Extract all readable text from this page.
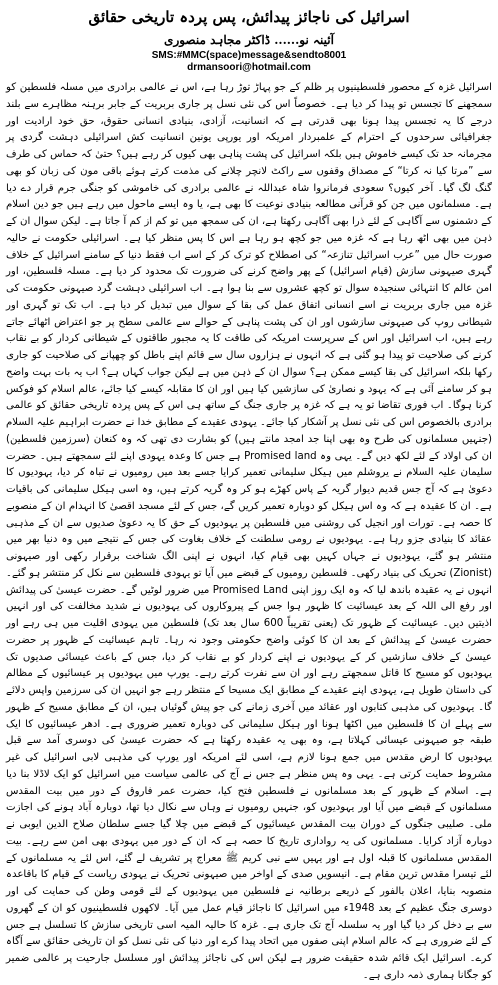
اسرائیل کی ناجائز پیدائش، پس پردہ تاریخی حقائق
آئینہ نو...... ڈاکٹر مجاہد منصوری
SMS:#MMC(space)message&sendto8001
drmansoori@hotmail.com

اسرائیل غزہ کے محصور فلسطینیوں پر ظلم کے جو پہاڑ توڑ رہا ہے، اس نے عالمی برادری میں مسلہ فلسطین کو سمجھنے کا تجسس تو پیدا کر دیا ہے۔ خصوصاً اس کی نئی نسل پر جاری بربریت کے جابر برہنہ مظاہرے سے بلند درجے کا یہ تجسس پیدا ہونا بھی قدرتی ہے کہ انسانیت، آزادی، بنیادی انسانی حقوق، حق خود ارادیت اور جغرافیائی سرحدوں کے احترام کے علمبردار امریکہ اور یورپی یونین انسانیت کش اسرائیلی دہشت گردی پر مجرمانہ حد تک کیسے خاموش ہیں بلکہ اسرائیل کی پشت پناہی بھی کیوں کر رہے ہیں؟ حتیٰ کہ حماس کی طرف سے ”مرتا کیا نہ کرتا“ کے مصداق وقفوں سے راکٹ لانچر چلانے کی مذمت کرتے ہوئے باقی مون کی زبان کو بھی گنگ لگ گیا۔ آخر کیوں؟ سعودی فرمانروا شاہ عبداللہ نے عالمی برادری کی خاموشی کو جنگی جرم قرار دے دیا ہے۔ مسلمانوں میں جن کو قرآنی مطالعہ بنیادی نوعیت کا بھی ہے، یا وہ ایسے ماحول میں رہے ہیں جو دین اسلام کے دشمنوں سے آگاہی کے لئے ذرا بھی آگاہی رکھتا ہے، ان کی سمجھ میں تو کم از کم آ جاتا ہے۔ لیکن سوال ان کے ذہن میں بھی اٹھ رہا ہے کہ غزہ میں جو کچھ ہو رہا ہے اس کا پس منظر کیا ہے۔ اسرائیلی حکومت نے حالیہ صورت حال میں ”عرب اسرائیل تنازعہ“ کی اصطلاح کو ترک کر کے اسے اب فقط دنیا کے سامنے اسرائیل کے خلاف گہری صیہونی سازش (قیام اسرائیل) کے پھر واضح کرنے کی ضرورت تک محدود کر دیا ہے۔ مسلہ فلسطین، اور امن عالم کا انتہائی سنجیدہ سوال تو کچھ عشروں سے بنا ہوا ہے۔ اب اسرائیلی دہشت گرد صیہونی حکومت کی غزہ میں جاری بربریت نے اسے انسانی اتفاق عمل کی بقا کے سوال میں تبدیل کر دیا ہے۔ اب تک تو گہری اور شیطانی روپ کی صیہونی سازشوں اور ان کی پشت پناہی کے حوالے سے عالمی سطح پر جو اعتراض اٹھائے جاتے رہے ہیں، اب اسرائیل اور اس کے سرپرست امریکہ کی طاقت کا یہ مجبور طاقتوں کے شیطانی کردار کو بے نقاب کرنے کی صلاحیت تو پیدا ہو گئی ہے کہ انہوں نے ہزاروں سال سے قائم اپنے باطل کو چھپانے کی صلاحیت کو جاری رکھا بلکہ اسرائیل کی بقا کیسے ممکن ہے؟ سوال ان کے ذہن میں ہے لیکن جواب کہاں ہے؟ اب یہ بات بہت واضح ہو کر سامنے آئی ہے کہ یہود و نصاریٰ کی سازشیں کیا ہیں اور ان کا مقابلہ کیسے کیا جائے، عالم اسلام کو فوکس کرنا ہوگا۔ اب فوری تقاضا تو یہ ہے کہ غزہ پر جاری جنگ کے ساتھ ہی اس کے پس پردہ تاریخی حقائق کو عالمی برادری بالخصوص اس کی نئی نسل پر آشکار کیا جائے۔ یہودی عقیدے کے مطابق خدا نے حضرت ابراہیم علیہ السلام (جنہیں مسلمانوں کی طرح وہ بھی اپنا جد امجد مانتے ہیں) کو بشارت دی تھی کہ وہ کنعان (سرزمین فلسطین) ان کی اولاد کے لئے لکھ دیں گے۔ یہی وہ Promised land ہے جس کا وعدہ یہودی اپنے لئے سمجھتے ہیں۔ حضرت سلیمان علیہ السلام نے یروشلم میں ہیکل سلیمانی تعمیر کرایا جسے بعد میں رومیوں نے تباہ کر دیا، یہودیوں کا دعویٰ ہے کہ آج جس قدیم دیوار گریہ کے پاس کھڑے ہو کر وہ گریہ کرتے ہیں، وہ اسی ہیکل سلیمانی کی باقیات ہے۔ ان کا عقیدہ ہے کہ وہ اس ہیکل کو دوبارہ تعمیر کریں گے، جس کے لئے مسجد اقصیٰ کا انہدام ان کے منصوبے کا حصہ ہے۔ تورات اور انجیل کی روشنی میں فلسطین پر یہودیوں کے حق کا یہ دعویٰ صدیوں سے ان کے مذہبی عقائد کا بنیادی جزو رہا ہے۔ یہودیوں نے رومی سلطنت کے خلاف بغاوت کی جس کے نتیجے میں وہ دنیا بھر میں منتشر ہو گئے، یہودیوں نے جہاں کہیں بھی قیام کیا، انہوں نے اپنی الگ شناخت برقرار رکھی اور صیہونی (Zionist) تحریک کی بنیاد رکھی۔ فلسطین رومیوں کے قبضے میں آیا تو یہودی فلسطین سے نکل کر منتشر ہو گئے۔ انہوں نے یہ عقیدہ باندھ لیا کہ وہ ایک روز اپنی Promised Land میں ضرور لوٹیں گے۔ حضرت عیسیٰ کی پیدائش اور رفع الی اللہ کے بعد عیسائیت کا ظہور ہوا جس کے پیروکاروں کی یہودیوں نے شدید مخالفت کی اور انہیں اذیتیں دیں۔ عیسائیت کے ظہور تک (یعنی تقریباً 600 سال بعد تک) فلسطین میں یہودی اقلیت میں ہی رہے اور حضرت عیسیٰ کے پیدائش کے بعد ان کا کوئی واضح حکومتی وجود نہ رہا۔ تاہم عیسائیت کے ظہور پر حضرت عیسیٰ کے خلاف سازشیں کر کے یہودیوں نے اپنے کردار کو بے نقاب کر دیا، جس کے باعث عیسائی صدیوں تک یہودیوں کو مسیح کا قاتل سمجھتے رہے اور ان سے نفرت کرتے رہے۔ یورپ میں یہودیوں پر عیسائیوں کے مظالم کی داستان طویل ہے، یہودی اپنے عقیدے کے مطابق ایک مسیحا کے منتظر رہے جو انہیں ان کی سرزمین واپس دلائے گا۔ یہودیوں کی مذہبی کتابوں اور عقائد میں آخری زمانے کی جو پیش گوئیاں ہیں، ان کے مطابق مسیح کے ظہور سے پہلے ان کا فلسطین میں اکٹھا ہونا اور ہیکل سلیمانی کی دوبارہ تعمیر ضروری ہے۔ ادھر عیسائیوں کا ایک طبقہ جو صیہونی عیسائی کہلاتا ہے، وہ بھی یہ عقیدہ رکھتا ہے کہ حضرت عیسیٰ کی دوسری آمد سے قبل یہودیوں کا ارض مقدس میں جمع ہونا لازم ہے، اسی لئے امریکہ اور یورپ کی مذہبی لابی اسرائیل کی غیر مشروط حمایت کرتی ہے۔ یہی وہ پس منظر ہے جس نے آج کی عالمی سیاست میں اسرائیل کو ایک لاڈلا بنا دیا ہے۔ اسلام کے ظہور کے بعد مسلمانوں نے فلسطین فتح کیا، حضرت عمر فاروق کے دور میں بیت المقدس مسلمانوں کے قبضے میں آیا اور یہودیوں کو، جنہیں رومیوں نے وہاں سے نکال دیا تھا، دوبارہ آباد ہونے کی اجازت ملی۔ صلیبی جنگوں کے دوران بیت المقدس عیسائیوں کے قبضے میں چلا گیا جسے سلطان صلاح الدین ایوبی نے دوبارہ آزاد کرایا۔ مسلمانوں کی یہ رواداری تاریخ کا حصہ ہے کہ ان کے دور میں یہودی بھی امن سے رہے۔ بیت المقدس مسلمانوں کا قبلہ اول ہے اور یہیں سے نبی کریم ﷺ معراج پر تشریف لے گئے، اس لئے یہ مسلمانوں کے لئے تیسرا مقدس ترین مقام ہے۔ انیسویں صدی کے اواخر میں صیہونی تحریک نے یہودی ریاست کے قیام کا باقاعدہ منصوبہ بنایا، اعلان بالفور کے ذریعے برطانیہ نے فلسطین میں یہودیوں کے لئے قومی وطن کی حمایت کی اور دوسری جنگ عظیم کے بعد 1948ء میں اسرائیل کا ناجائز قیام عمل میں آیا۔ لاکھوں فلسطینیوں کو ان کے گھروں سے بے دخل کر دیا گیا اور یہ سلسلہ آج تک جاری ہے۔ غزہ کا حالیہ المیہ اسی تاریخی سازش کا تسلسل ہے جس کے لئے ضروری ہے کہ عالم اسلام اپنی صفوں میں اتحاد پیدا کرے اور دنیا کی نئی نسل کو ان تاریخی حقائق سے آگاہ کرے۔ اسرائیل ایک قائم شدہ حقیقت ضرور ہے لیکن اس کی ناجائز پیدائش اور مسلسل جارحیت پر عالمی ضمیر کو جگانا ہماری ذمہ داری ہے۔
